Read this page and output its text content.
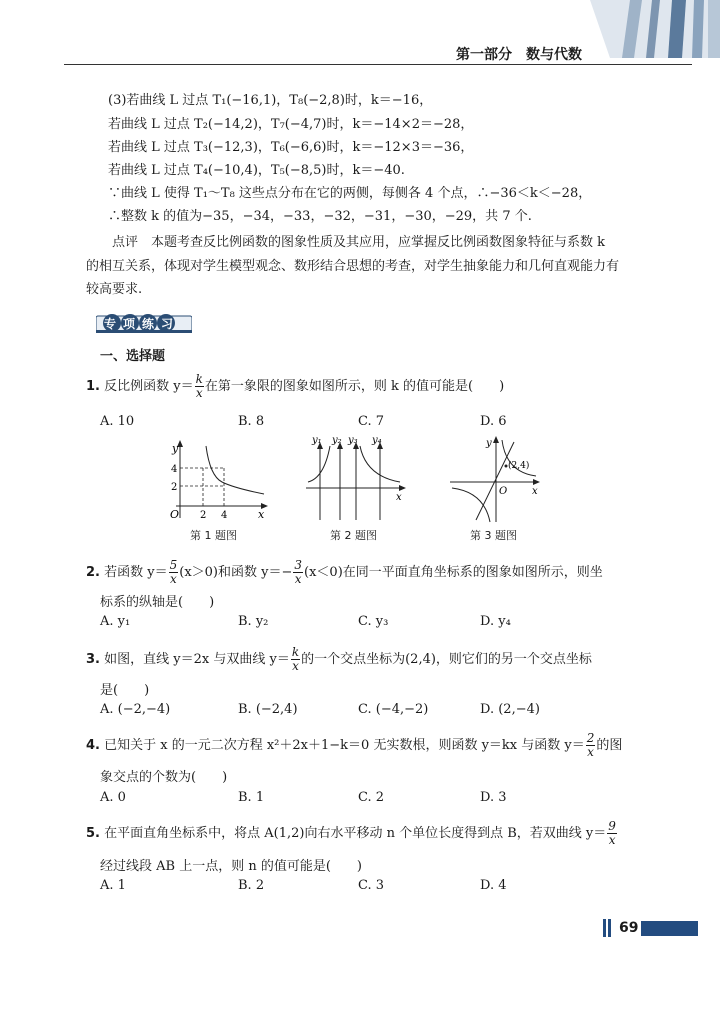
第一部分　数与代数
(3)若曲线 L 过点 T₁(−16,1)，T₈(−2,8)时，k＝−16，
若曲线 L 过点 T₂(−14,2)，T₇(−4,7)时，k＝−14×2＝−28，
若曲线 L 过点 T₃(−12,3)，T₆(−6,6)时，k＝−12×3＝−36，
若曲线 L 过点 T₄(−10,4)，T₅(−8,5)时，k＝−40.
∵曲线 L 使得 T₁～T₈ 这些点分布在它的两侧，每侧各 4 个点，∴−36＜k＜−28，
∴整数 k 的值为−35，−34，−33，−32，−31，−30，−29，共 7 个.
点评　本题考查反比例函数的图象性质及其应用，应掌握反比例函数图象特征与系数 k
的相互关系，体现对学生模型观念、数形结合思想的考查，对学生抽象能力和几何直观能力有
较高要求.
专项练习
一、选择题
1. 反比例函数 $y= \frac{k}{x}$ 在第一象限的图象如图所示，则 k 的值可能是(　　)
A. 10	B. 8	C. 7	D. 6
y
x
O
4
2
2 4
第 1 题图
y₁ y₂ y₃ y₄
x
第 2 题图
y
x
O
(2,4)
第 3 题图
2. 若函数 $y= \frac{5}{x} (x>0)$和函数 $y=- \frac{3}{x} (x<0)$在同一平面直角坐标系的图象如图所示，则坐
标系的纵轴是(　　)
A. y₁	B. y₂	C. y₃	D. y₄
3. 如图，直线 y＝2x 与双曲线 $y= \frac{k}{x}$ 的一个交点坐标为(2,4)，则它们的另一个交点坐标
是(　　)
A. (−2,−4)	B. (−2,4)	C. (−4,−2)	D. (2,−4)
4. 已知关于 x 的一元二次方程 x²＋2x＋1−k＝0 无实数根，则函数 y＝kx 与函数 $y= \frac{2}{x}$ 的图
象交点的个数为(　　)
A. 0	B. 1	C. 2	D. 3
5. 在平面直角坐标系中，将点 A(1,2)向右水平移动 n 个单位长度得到点 B，若双曲线 $y= \frac{9}{x}$
经过线段 AB 上一点，则 n 的值可能是(　　)
A. 1	B. 2	C. 3	D. 4
69
